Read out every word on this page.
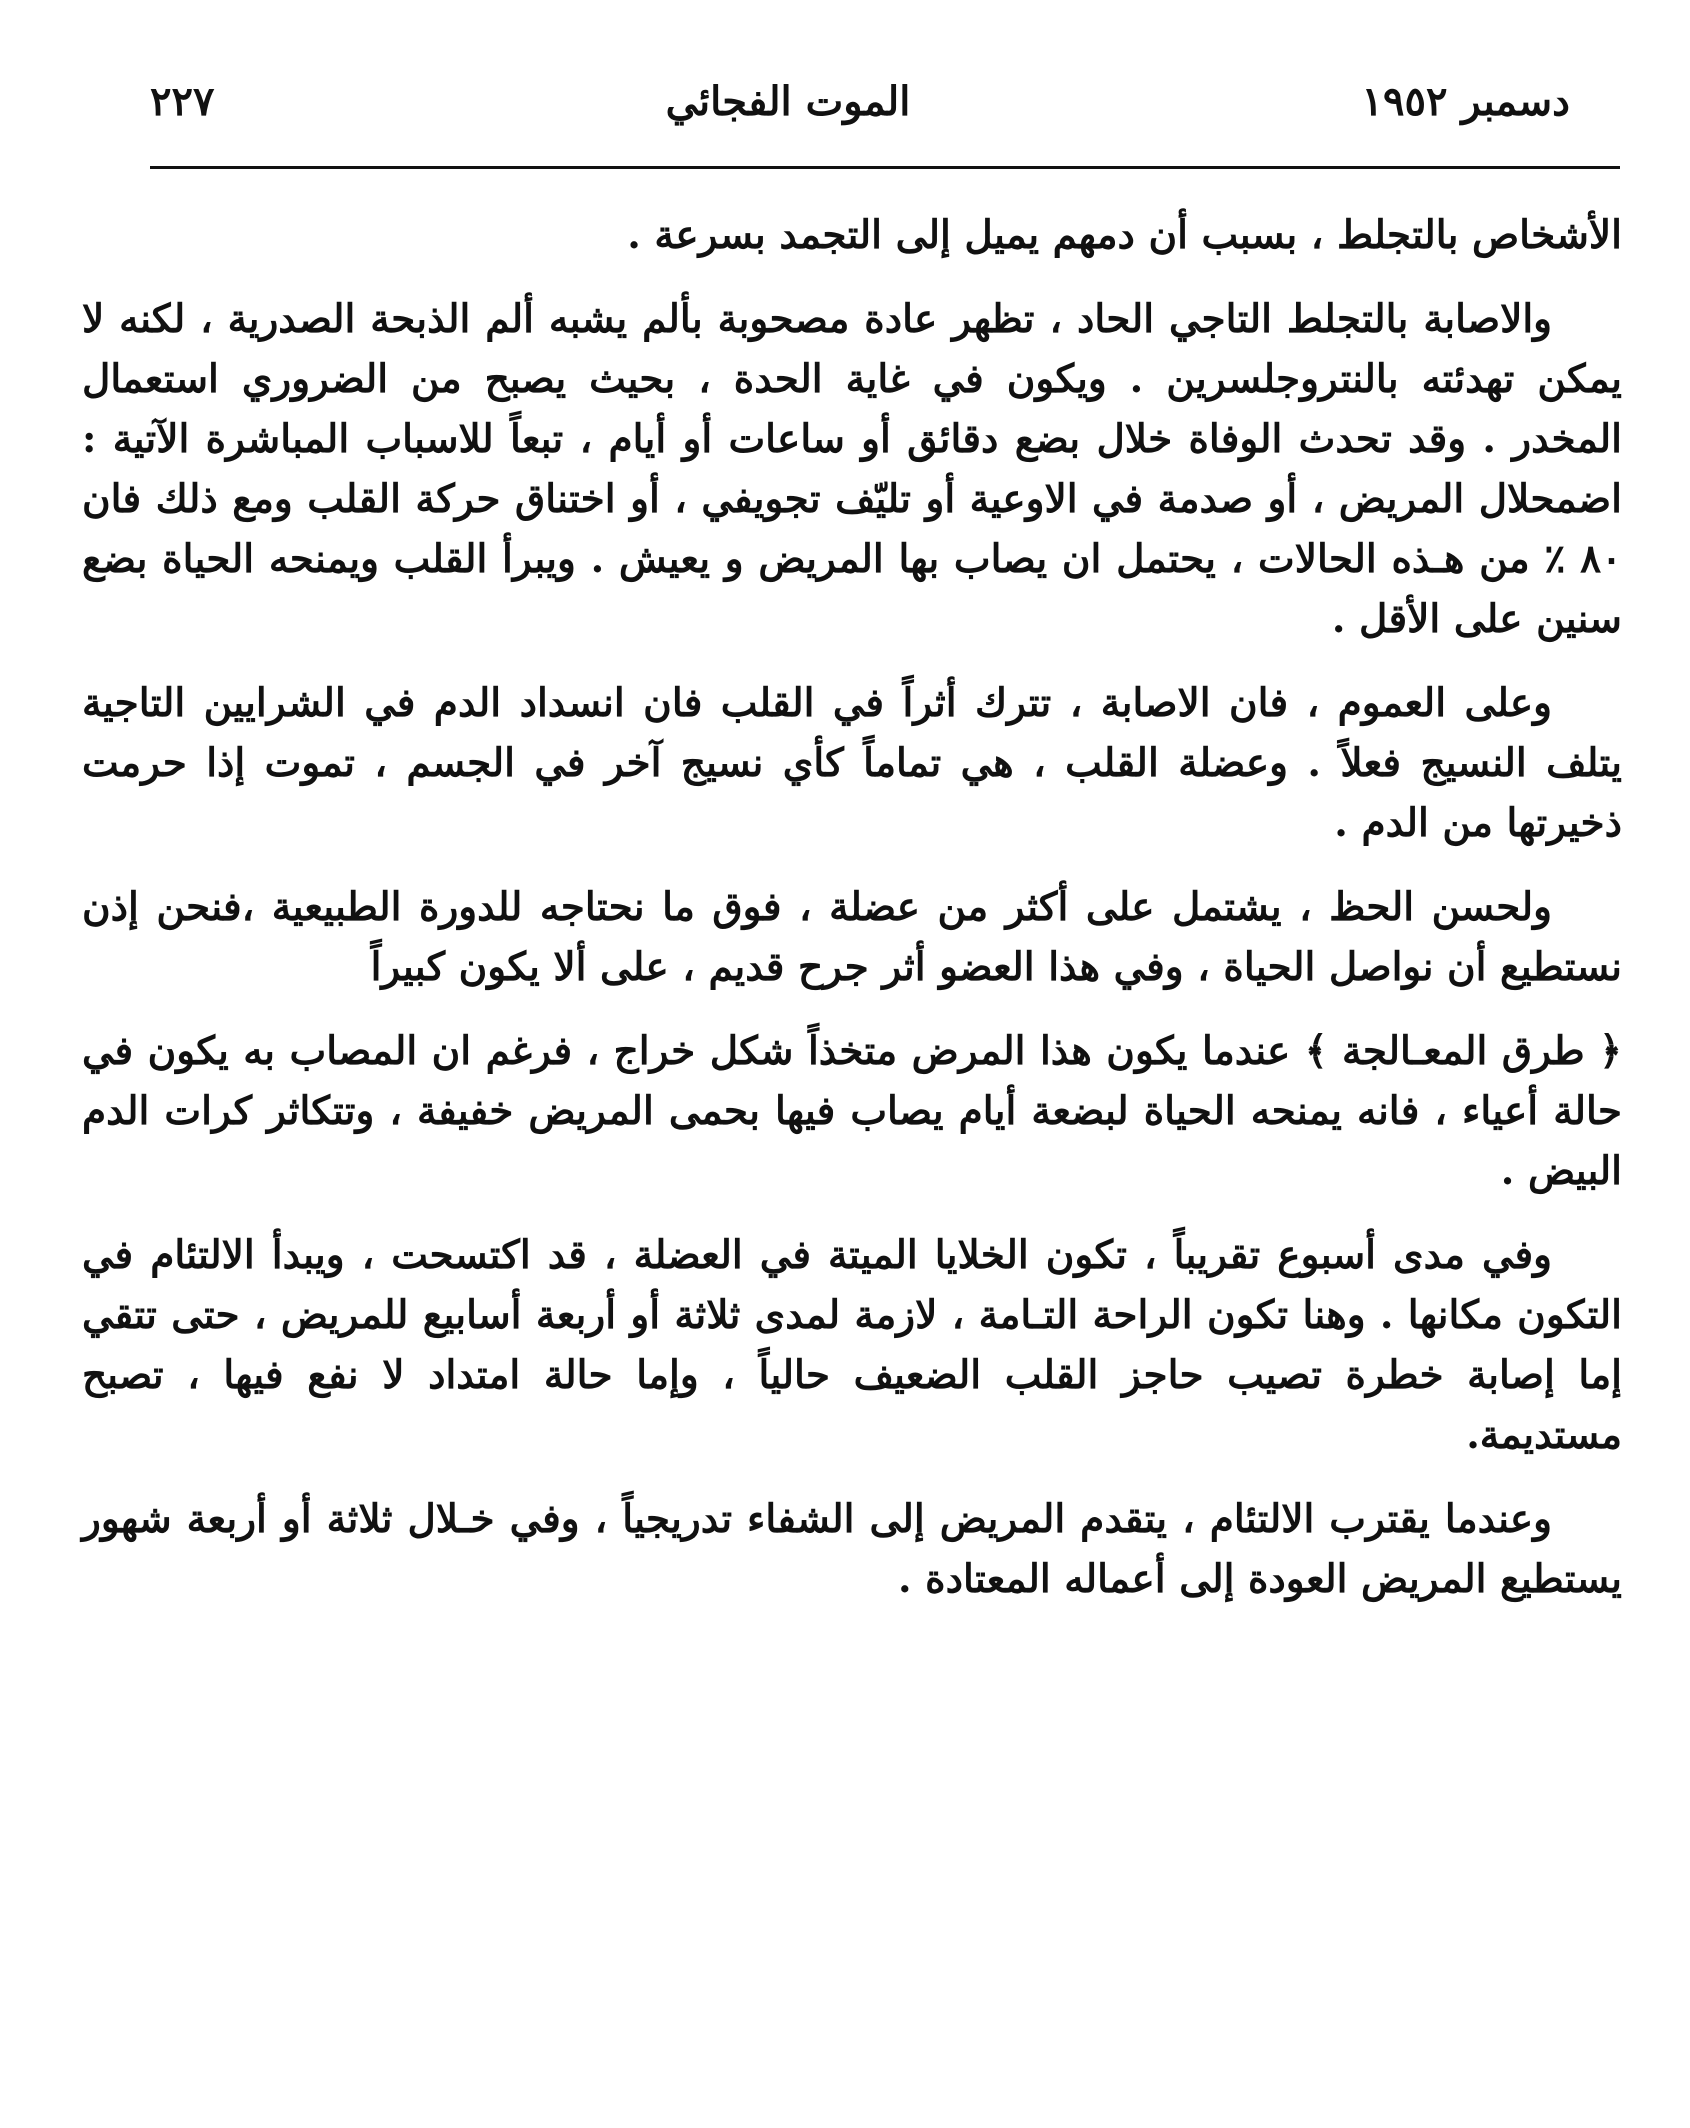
٢٢٧	الموت الفجائي	دسمبر ١٩٥٢

الأشخاص بالتجلط ، بسبب أن دمهم يميل إلى التجمد بسرعة .

والاصابة بالتجلط التاجي الحاد ، تظهر عادة مصحوبة بألم يشبه ألم الذبحة الصدرية ، لكنه لا يمكن تهدئته بالنتروجلسرين . ويكون في غاية الحدة ، بحيث يصبح من الضروري استعمال المخدر . وقد تحدث الوفاة خلال بضع دقائق أو ساعات أو أيام ، تبعاً للاسباب المباشرة الآتية : اضمحلال المريض ، أو صدمة في الاوعية أو تليّف تجويفي ، أو اختناق حركة القلب ومع ذلك فان ٨٠ ٪ من هـذه الحالات ، يحتمل ان يصاب بها المريض و يعيش . ويبرأ القلب ويمنحه الحياة بضع سنين على الأقل .

وعلى العموم ، فان الاصابة ، تترك أثراً في القلب فان انسداد الدم في الشرايين التاجية يتلف النسيج فعلاً . وعضلة القلب ، هي تماماً كأي نسيج آخر في الجسم ، تموت إذا حرمت ذخيرتها من الدم .

ولحسن الحظ ، يشتمل على أكثر من عضلة ، فوق ما نحتاجه للدورة الطبيعية ،فنحن إذن نستطيع أن نواصل الحياة ، وفي هذا العضو أثر جرح قديم ، على ألا يكون كبيراً

﴿ طرق المعـالجة ﴾ عندما يكون هذا المرض متخذاً شكل خراج ، فرغم ان المصاب به يكون في حالة أعياء ، فانه يمنحه الحياة لبضعة أيام يصاب فيها بحمى المريض خفيفة ، وتتكاثر كرات الدم البيض .

وفي مدى أسبوع تقريباً ، تكون الخلايا الميتة في العضلة ، قد اكتسحت ، ويبدأ الالتئام في التكون مكانها . وهنا تكون الراحة التـامة ، لازمة لمدى ثلاثة أو أربعة أسابيع للمريض ، حتى تتقي إما إصابة خطرة تصيب حاجز القلب الضعيف حالياً ، وإما حالة امتداد لا نفع فيها ، تصبح مستديمة.

وعندما يقترب الالتئام ، يتقدم المريض إلى الشفاء تدريجياً ، وفي خـلال ثلاثة أو أربعة شهور يستطيع المريض العودة إلى أعماله المعتادة .
